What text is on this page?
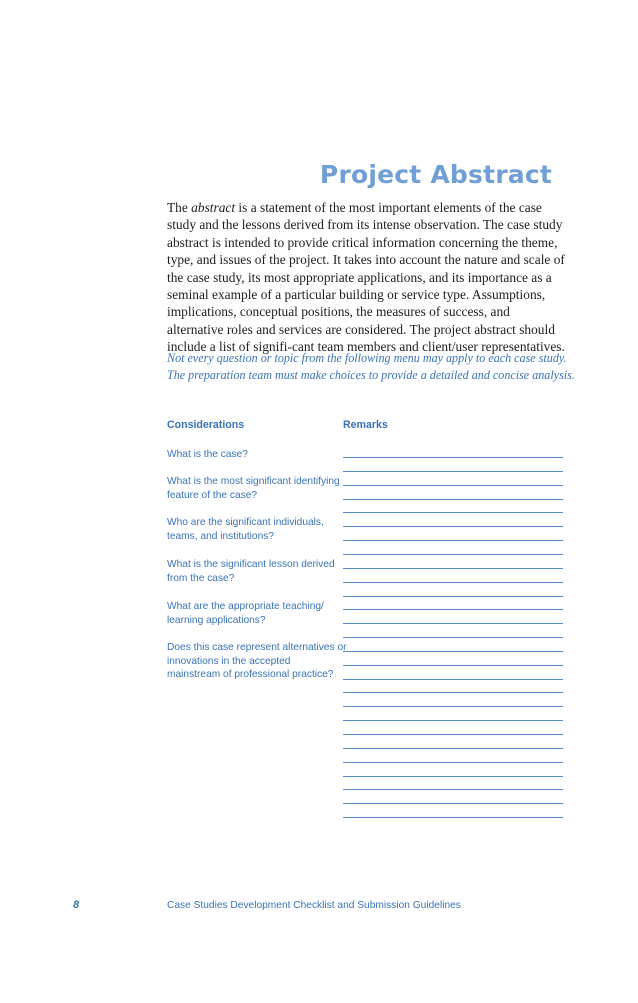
Project Abstract

The abstract is a statement of the most important elements of the case study and the lessons derived from its intense observation. The case study abstract is intended to provide critical information concerning the theme, type, and issues of the project. It takes into account the nature and scale of the case study, its most appropriate applications, and its importance as a seminal example of a particular building or service type. Assumptions, implications, conceptual positions, the measures of success, and alternative roles and services are considered. The project abstract should include a list of signifi-cant team members and client/user representatives.

Not every question or topic from the following menu may apply to each case study.
The preparation team must make choices to provide a detailed and concise analysis.

Considerations	Remarks
What is the case?
What is the most significant identifying
feature of the case?
Who are the significant individuals,
teams, and institutions?
What is the significant lesson derived
from the case?
What are the appropriate teaching/
learning applications?
Does this case represent alternatives or
innovations in the accepted
mainstream of professional practice?
8	Case Studies Development Checklist and Submission Guidelines
